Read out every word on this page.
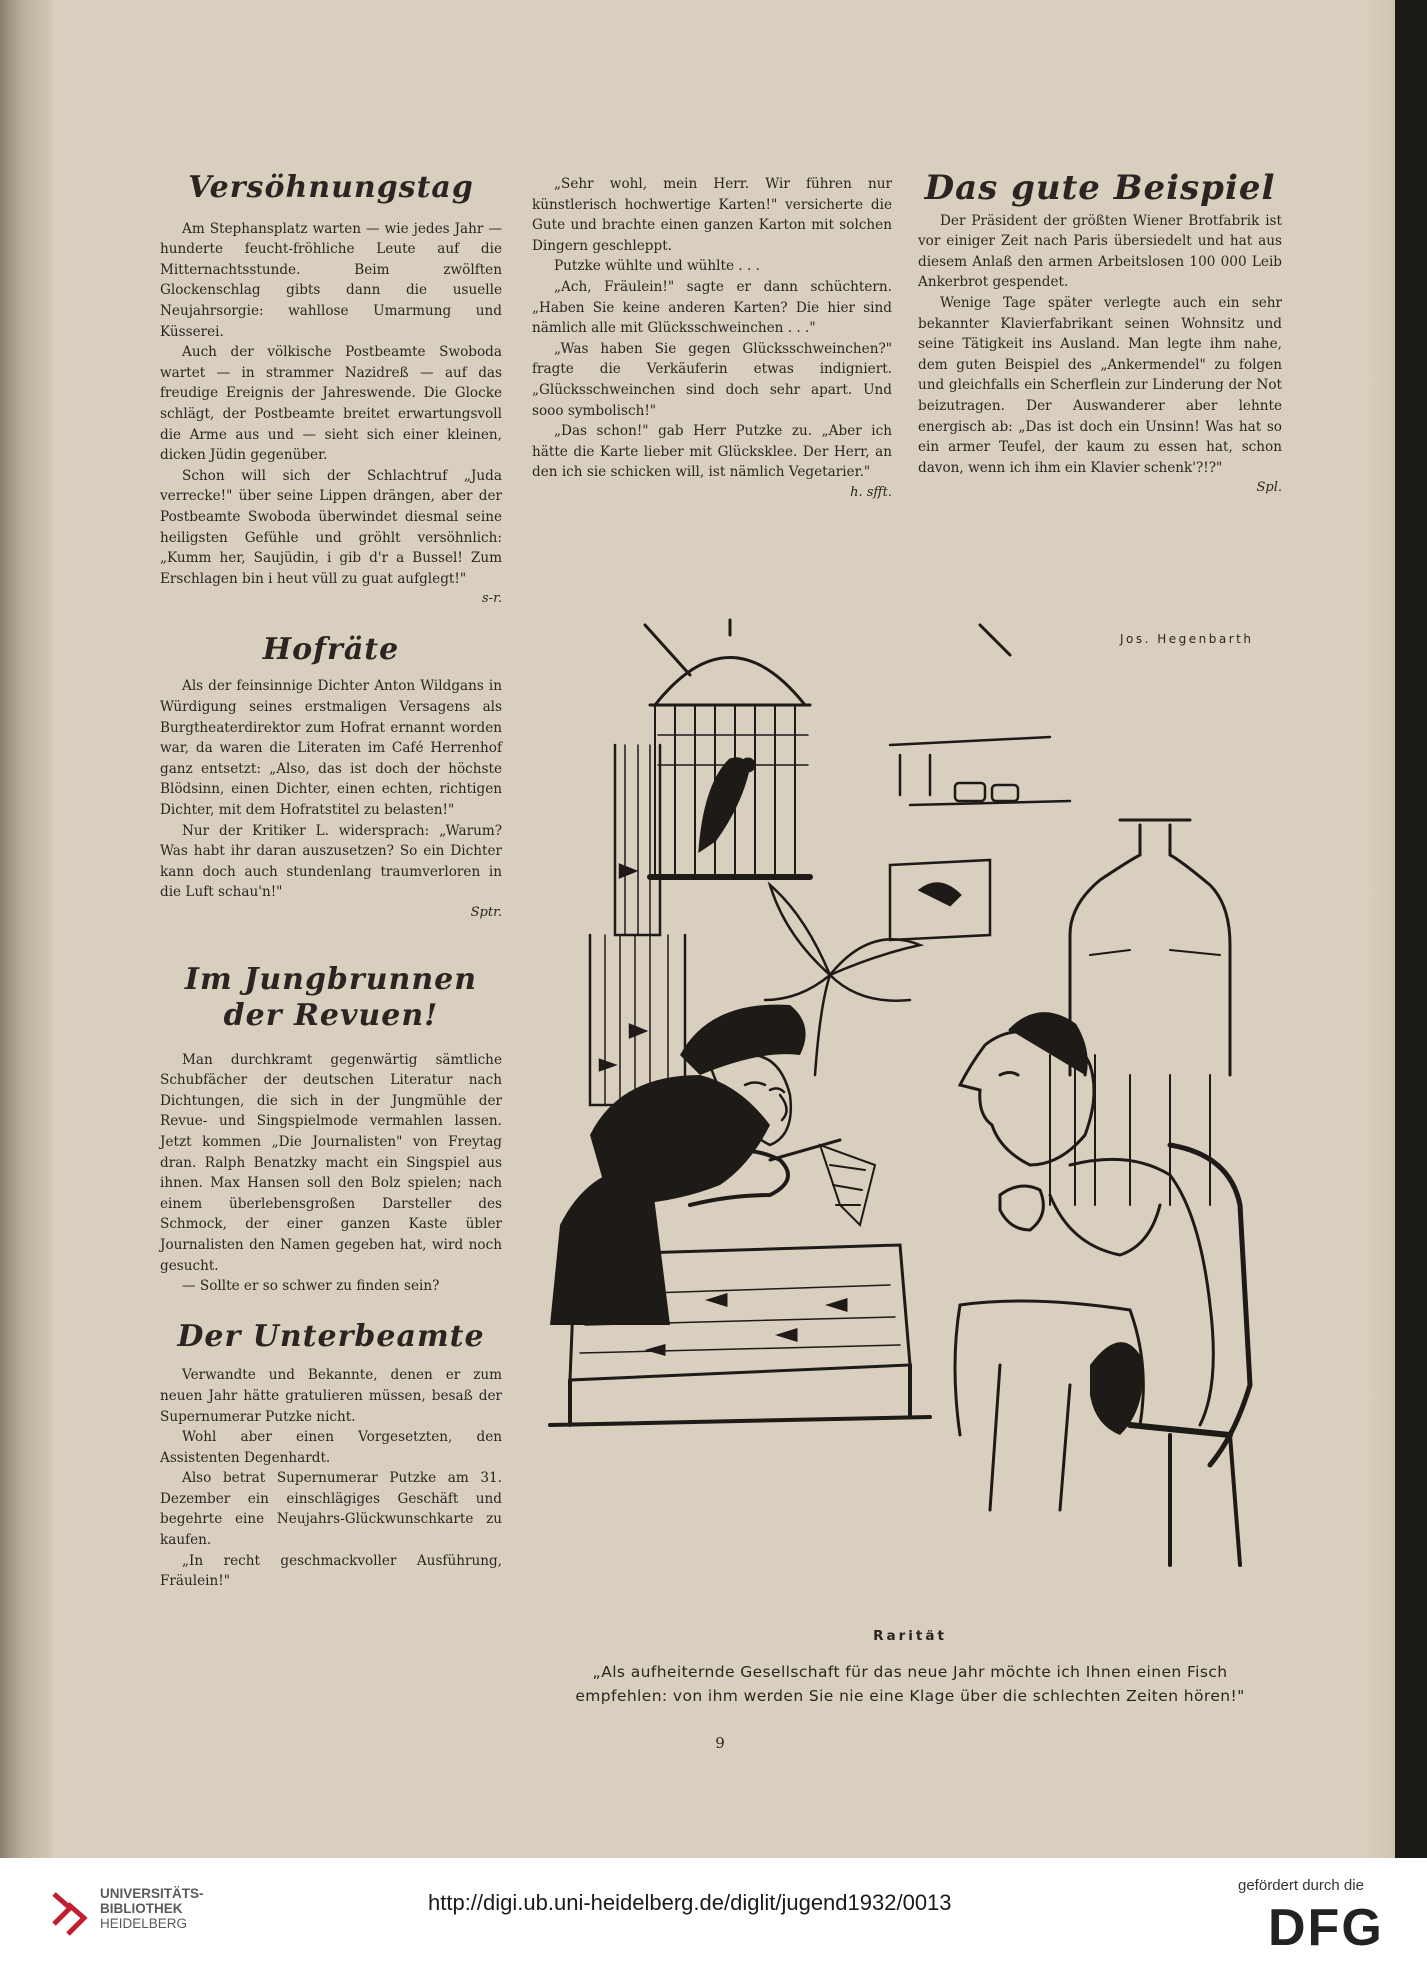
Versöhnungstag

Am Stephansplatz warten — wie jedes Jahr — hunderte feucht-fröhliche Leute auf die Mitternachtsstunde. Beim zwölften Glockenschlag gibts dann die usuelle Neujahrsorgie: wahllose Umarmung und Küsserei.

Auch der völkische Postbeamte Swoboda wartet — in strammer Nazidreß — auf das freudige Ereignis der Jahreswende. Die Glocke schlägt, der Postbeamte breitet erwartungsvoll die Arme aus und — sieht sich einer kleinen, dicken Jüdin gegenüber.

Schon will sich der Schlachtruf „Juda verrecke!" über seine Lippen drängen, aber der Postbeamte Swoboda überwindet diesmal seine heiligsten Gefühle und gröhlt versöhnlich: „Kumm her, Saujüdin, i gib d'r a Bussel! Zum Erschlagen bin i heut vüll zu guat aufglegt!"

s-r.
Hofräte

Als der feinsinnige Dichter Anton Wildgans in Würdigung seines erstmaligen Versagens als Burgtheaterdirektor zum Hofrat ernannt worden war, da waren die Literaten im Café Herrenhof ganz entsetzt: „Also, das ist doch der höchste Blödsinn, einen Dichter, einen echten, richtigen Dichter, mit dem Hofratstitel zu belasten!"

Nur der Kritiker L. widersprach: „Warum? Was habt ihr daran auszusetzen? So ein Dichter kann doch auch stundenlang traumverloren in die Luft schau'n!"

Sptr.
Im Jungbrunnen
der Revuen!

Man durchkramt gegenwärtig sämtliche Schubfächer der deutschen Literatur nach Dichtungen, die sich in der Jungmühle der Revue- und Singspielmode vermahlen lassen. Jetzt kommen „Die Journalisten" von Freytag dran. Ralph Benatzky macht ein Singspiel aus ihnen. Max Hansen soll den Bolz spielen; nach einem überlebensgroßen Darsteller des Schmock, der einer ganzen Kaste übler Journalisten den Namen gegeben hat, wird noch gesucht.

— Sollte er so schwer zu finden sein?

Der Unterbeamte

Verwandte und Bekannte, denen er zum neuen Jahr hätte gratulieren müssen, besaß der Supernumerar Putzke nicht.

Wohl aber einen Vorgesetzten, den Assistenten Degenhardt.

Also betrat Supernumerar Putzke am 31. Dezember ein einschlägiges Geschäft und begehrte eine Neujahrs-Glückwunschkarte zu kaufen.

„In recht geschmackvoller Ausführung, Fräulein!"

„Sehr wohl, mein Herr. Wir führen nur künstlerisch hochwertige Karten!" versicherte die Gute und brachte einen ganzen Karton mit solchen Dingern geschleppt.

Putzke wühlte und wühlte . . .

„Ach, Fräulein!" sagte er dann schüchtern. „Haben Sie keine anderen Karten? Die hier sind nämlich alle mit Glücksschweinchen . . ."

„Was haben Sie gegen Glücksschweinchen?" fragte die Verkäuferin etwas indigniert. „Glücksschweinchen sind doch sehr apart. Und sooo symbolisch!"

„Das schon!" gab Herr Putzke zu. „Aber ich hätte die Karte lieber mit Glücksklee. Der Herr, an den ich sie schicken will, ist nämlich Vegetarier."

h. sfft.
Das gute Beispiel

Der Präsident der größten Wiener Brotfabrik ist vor einiger Zeit nach Paris übersiedelt und hat aus diesem Anlaß den armen Arbeitslosen 100 000 Leib Ankerbrot gespendet.

Wenige Tage später verlegte auch ein sehr bekannter Klavierfabrikant seinen Wohnsitz und seine Tätigkeit ins Ausland. Man legte ihm nahe, dem guten Beispiel des „Ankermendel" zu folgen und gleichfalls ein Scherflein zur Linderung der Not beizutragen. Der Auswanderer aber lehnte energisch ab: „Das ist doch ein Unsinn! Was hat so ein armer Teufel, der kaum zu essen hat, schon davon, wenn ich ihm ein Klavier schenk'?!?"

Spl.
Jos. Hegenbarth
Rarität
„Als aufheiternde Gesellschaft für das neue Jahr möchte ich Ihnen einen Fisch
empfehlen: von ihm werden Sie nie eine Klage über die schlechten Zeiten hören!"
9
UNIVERSITÄTS-
BIBLIOTHEK
HEIDELBERG
http://digi.ub.uni-heidelberg.de/diglit/jugend1932/0013
gefördert durch die
DFG
